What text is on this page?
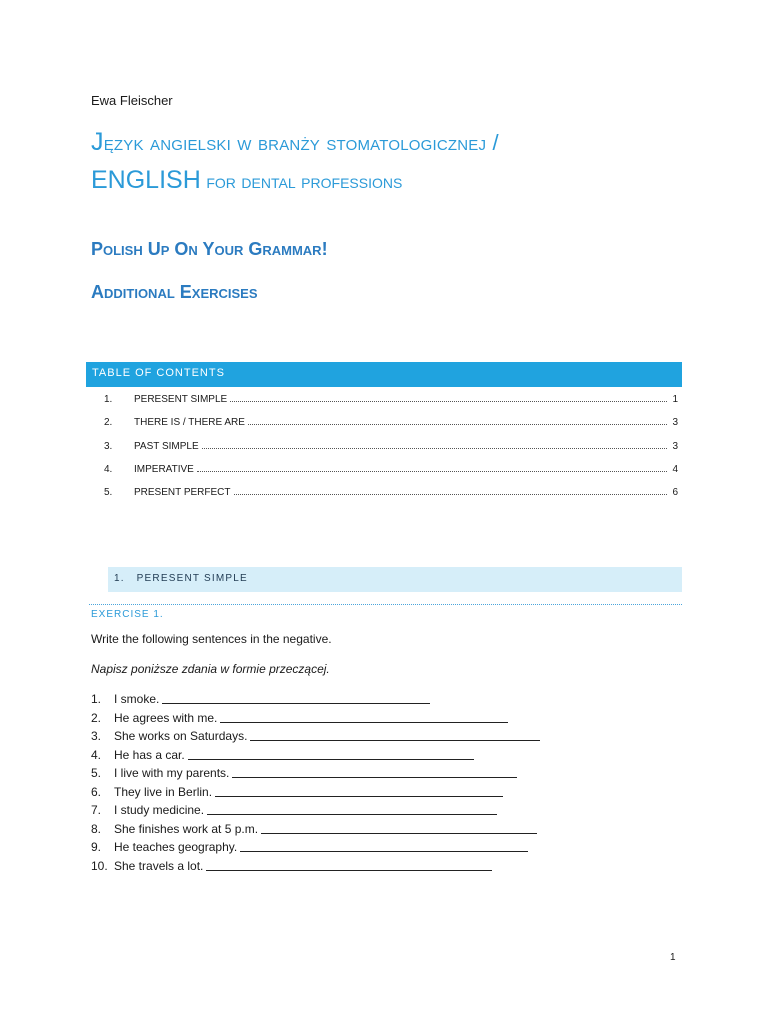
Ewa Fleischer
Język angielski w branży stomatologicznej /
ENGLISH for dental professions
Polish Up On Your Grammar!
Additional Exercises
TABLE OF CONTENTS
1.	PERESENT SIMPLE	1
2.	THERE IS / THERE ARE	3
3.	PAST SIMPLE	3
4.	IMPERATIVE	4
5.	PRESENT PERFECT	6
1.   PERESENT SIMPLE
EXERCISE 1.
Write the following sentences in the negative.
Napisz poniższe zdania w formie przeczącej.
1.	I smoke.
2.	He agrees with me.
3.	She works on Saturdays.
4.	He has a car.
5.	I live with my parents.
6.	They live in Berlin.
7.	I study medicine.
8.	She finishes work at 5 p.m.
9.	He teaches geography.
10. She travels a lot.
1
